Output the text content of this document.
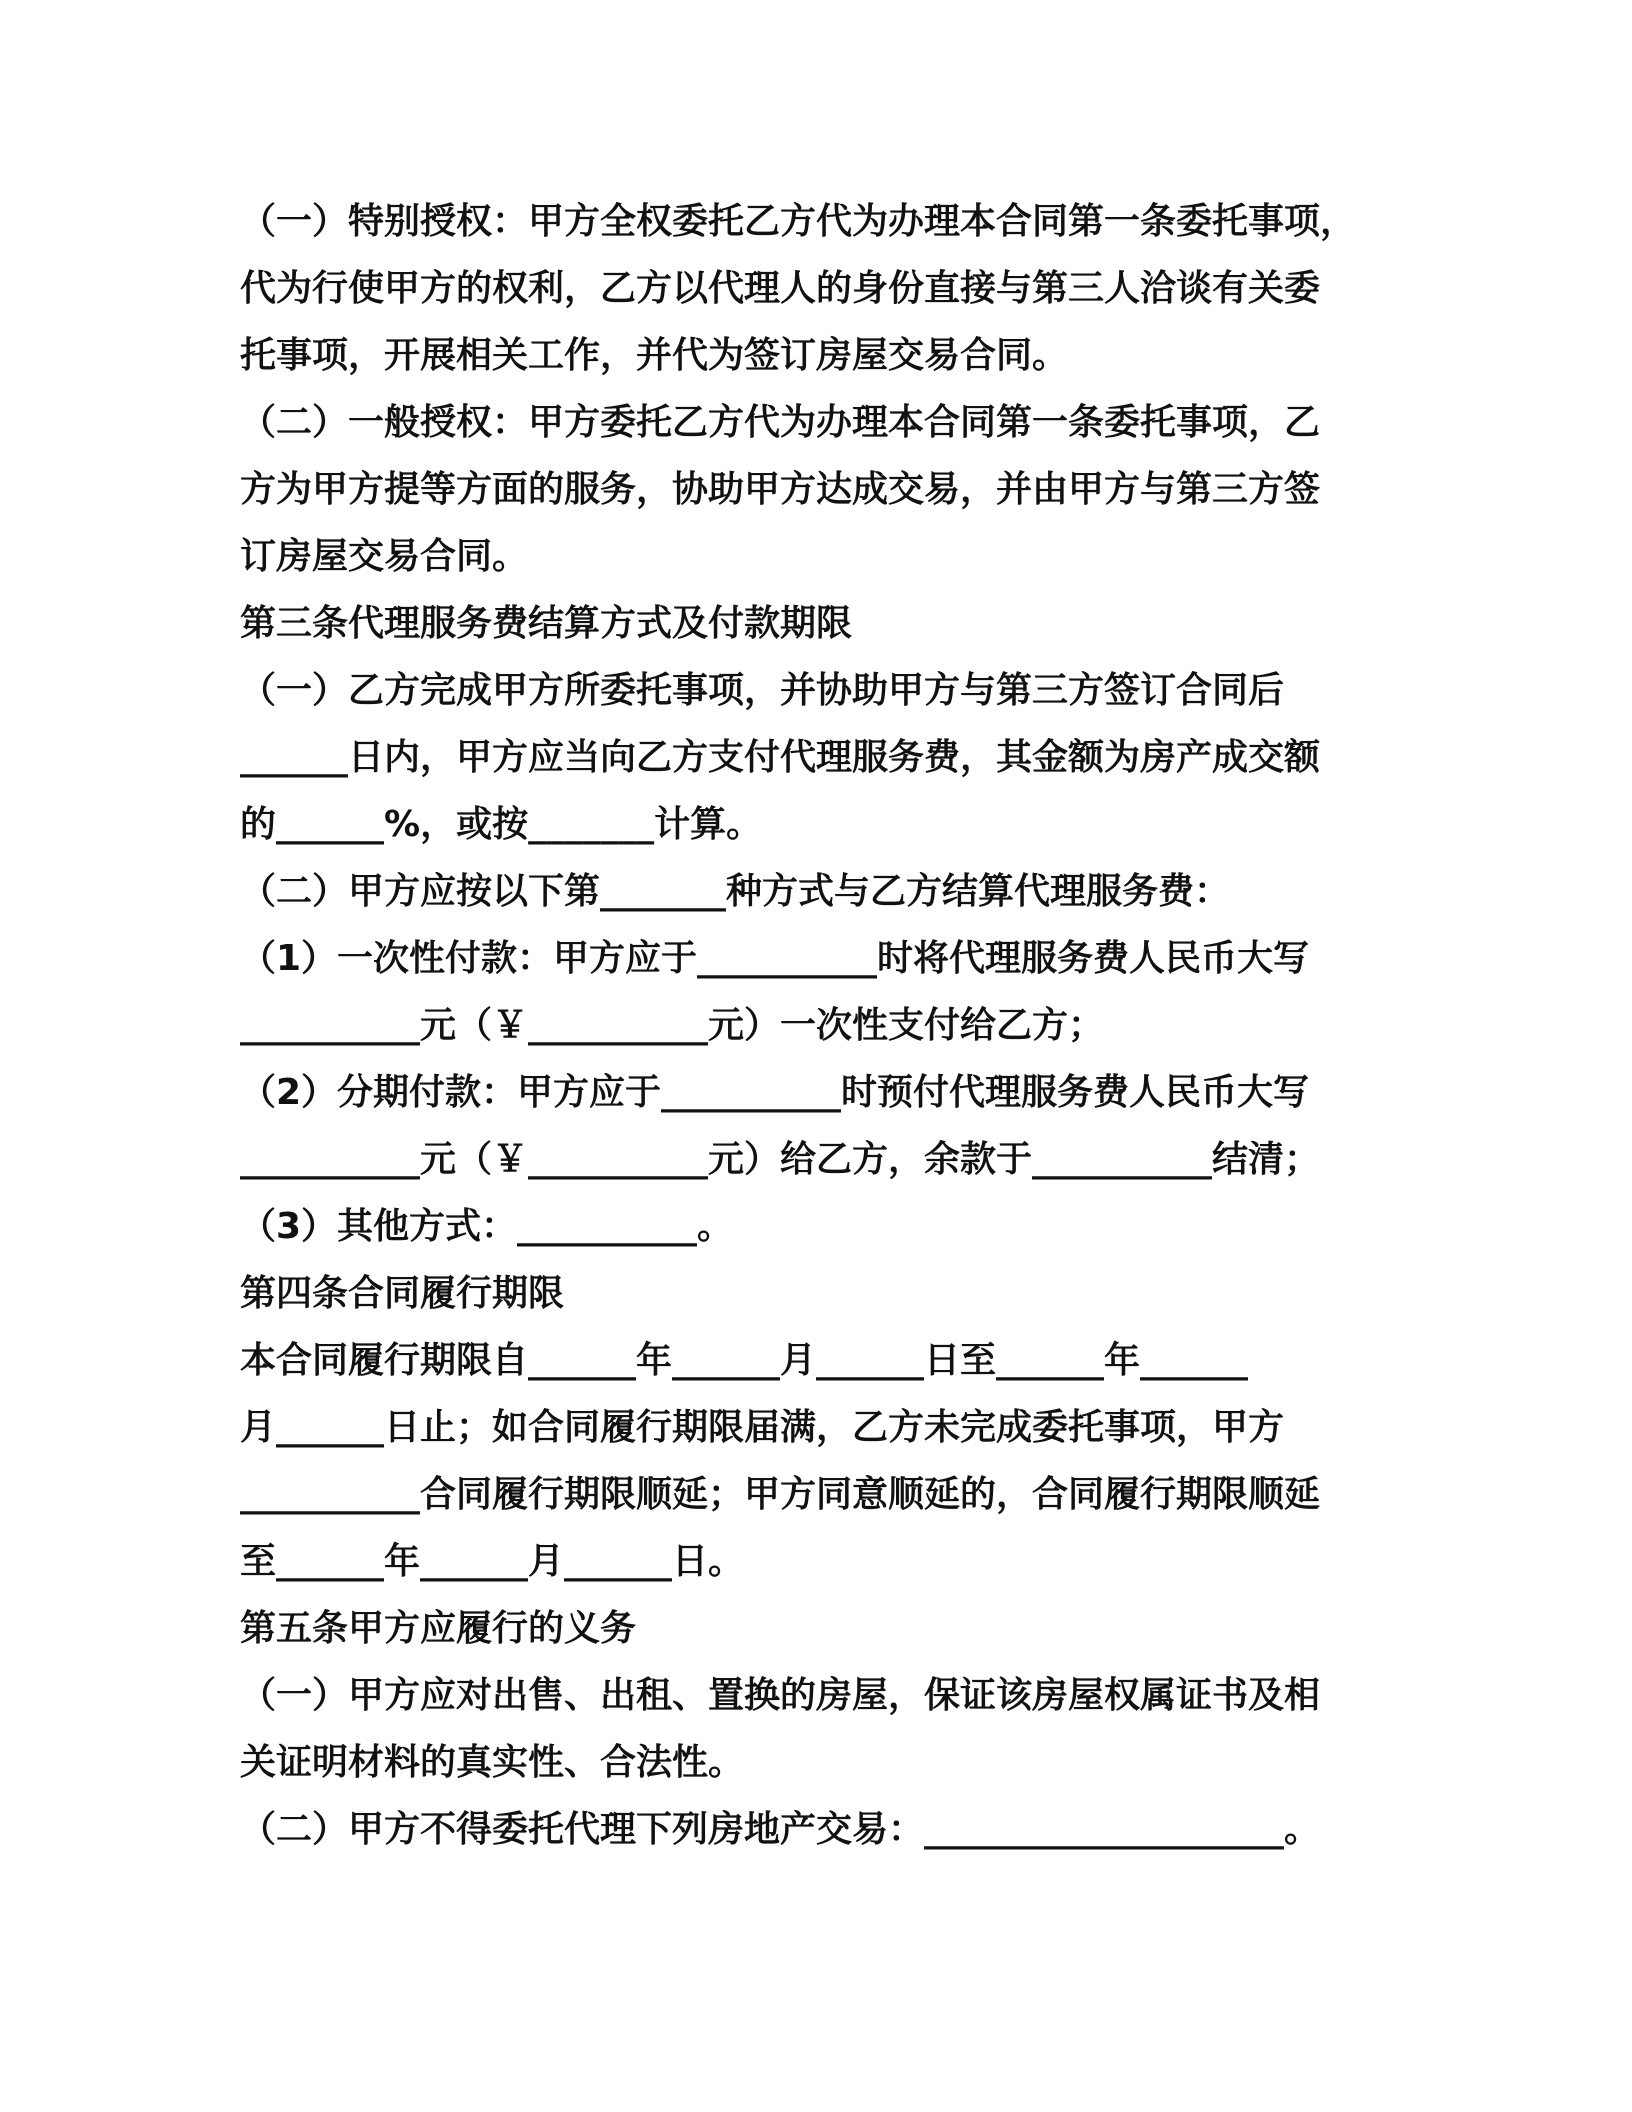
（一）特别授权：甲方全权委托乙方代为办理本合同第一条委托事项，
代为行使甲方的权利，乙方以代理人的身份直接与第三人洽谈有关委
托事项，开展相关工作，并代为签订房屋交易合同。
（二）一般授权：甲方委托乙方代为办理本合同第一条委托事项，乙
方为甲方提等方面的服务，协助甲方达成交易，并由甲方与第三方签
订房屋交易合同。
第三条代理服务费结算方式及付款期限
（一）乙方完成甲方所委托事项，并协助甲方与第三方签订合同后
______日内，甲方应当向乙方支付代理服务费，其金额为房产成交额
的______%，或按_______计算。
（二）甲方应按以下第_______种方式与乙方结算代理服务费：
（1）一次性付款：甲方应于__________时将代理服务费人民币大写
__________元（￥__________元）一次性支付给乙方；
（2）分期付款：甲方应于__________时预付代理服务费人民币大写
__________元（￥__________元）给乙方，余款于__________结清；
（3）其他方式：__________。
第四条合同履行期限
本合同履行期限自______年______月______日至______年______
月______日止；如合同履行期限届满，乙方未完成委托事项，甲方
__________合同履行期限顺延；甲方同意顺延的，合同履行期限顺延
至______年______月______日。
第五条甲方应履行的义务
（一）甲方应对出售、出租、置换的房屋，保证该房屋权属证书及相
关证明材料的真实性、合法性。
（二）甲方不得委托代理下列房地产交易：____________________。
